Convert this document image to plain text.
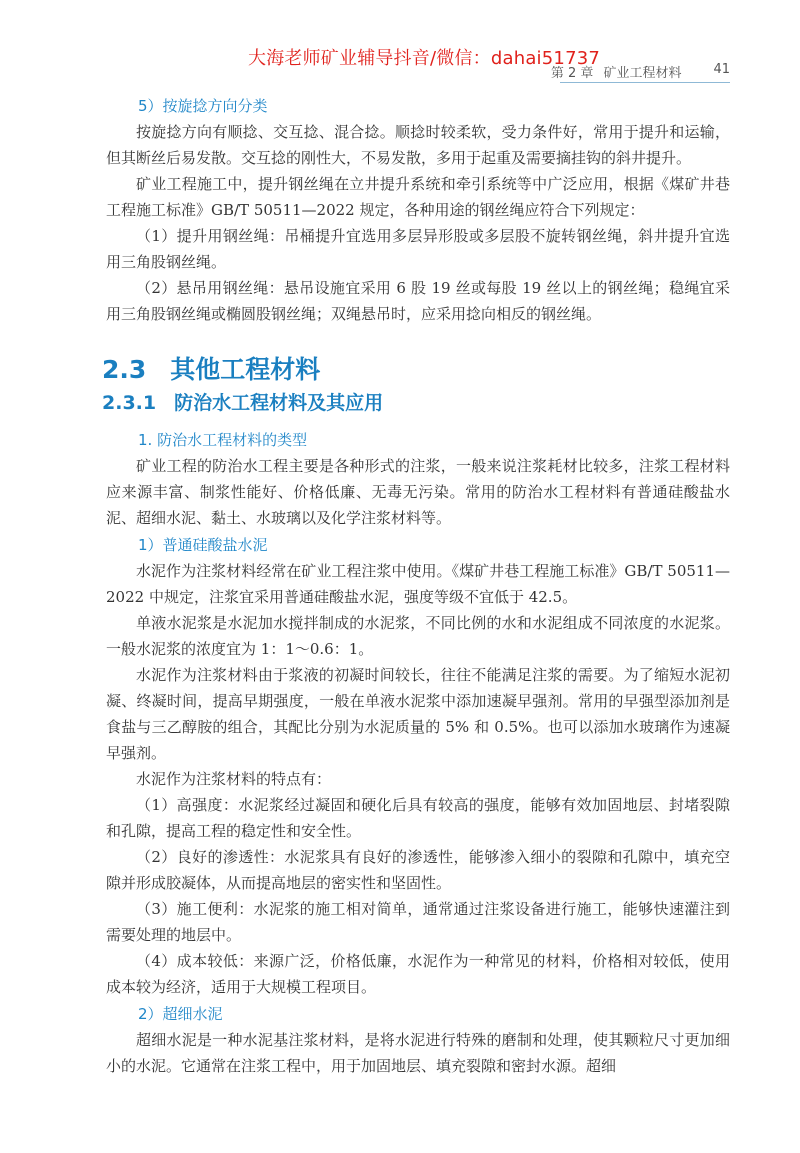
大海老师矿业辅导抖音/微信：dahai51737
第 2 章 矿业工程材料 41
5）按旋捻方向分类

按旋捻方向有顺捻、交互捻、混合捻。顺捻时较柔软，受力条件好，常用于提升和运输，但其断丝后易发散。交互捻的刚性大，不易发散，多用于起重及需要摘挂钩的斜井提升。

矿业工程施工中，提升钢丝绳在立井提升系统和牵引系统等中广泛应用，根据《煤矿井巷工程施工标准》GB/T 50511—2022 规定，各种用途的钢丝绳应符合下列规定：

（1）提升用钢丝绳：吊桶提升宜选用多层异形股或多层股不旋转钢丝绳，斜井提升宜选用三角股钢丝绳。

（2）悬吊用钢丝绳：悬吊设施宜采用 6 股 19 丝或每股 19 丝以上的钢丝绳；稳绳宜采用三角股钢丝绳或椭圆股钢丝绳；双绳悬吊时，应采用捻向相反的钢丝绳。

2.3 其他工程材料
2.3.1 防治水工程材料及其应用
1. 防治水工程材料的类型

矿业工程的防治水工程主要是各种形式的注浆，一般来说注浆耗材比较多，注浆工程材料应来源丰富、制浆性能好、价格低廉、无毒无污染。常用的防治水工程材料有普通硅酸盐水泥、超细水泥、黏土、水玻璃以及化学注浆材料等。

1）普通硅酸盐水泥

水泥作为注浆材料经常在矿业工程注浆中使用。《煤矿井巷工程施工标准》GB/T 50511—2022 中规定，注浆宜采用普通硅酸盐水泥，强度等级不宜低于 42.5。

单液水泥浆是水泥加水搅拌制成的水泥浆，不同比例的水和水泥组成不同浓度的水泥浆。一般水泥浆的浓度宜为 1：1～0.6：1。

水泥作为注浆材料由于浆液的初凝时间较长，往往不能满足注浆的需要。为了缩短水泥初凝、终凝时间，提高早期强度，一般在单液水泥浆中添加速凝早强剂。常用的早强型添加剂是食盐与三乙醇胺的组合，其配比分别为水泥质量的 5% 和 0.5%。也可以添加水玻璃作为速凝早强剂。

水泥作为注浆材料的特点有：

（1）高强度：水泥浆经过凝固和硬化后具有较高的强度，能够有效加固地层、封堵裂隙和孔隙，提高工程的稳定性和安全性。

（2）良好的渗透性：水泥浆具有良好的渗透性，能够渗入细小的裂隙和孔隙中，填充空隙并形成胶凝体，从而提高地层的密实性和坚固性。

（3）施工便利：水泥浆的施工相对简单，通常通过注浆设备进行施工，能够快速灌注到需要处理的地层中。

（4）成本较低：来源广泛，价格低廉，水泥作为一种常见的材料，价格相对较低，使用成本较为经济，适用于大规模工程项目。

2）超细水泥

超细水泥是一种水泥基注浆材料，是将水泥进行特殊的磨制和处理，使其颗粒尺寸更加细小的水泥。它通常在注浆工程中，用于加固地层、填充裂隙和密封水源。超细
